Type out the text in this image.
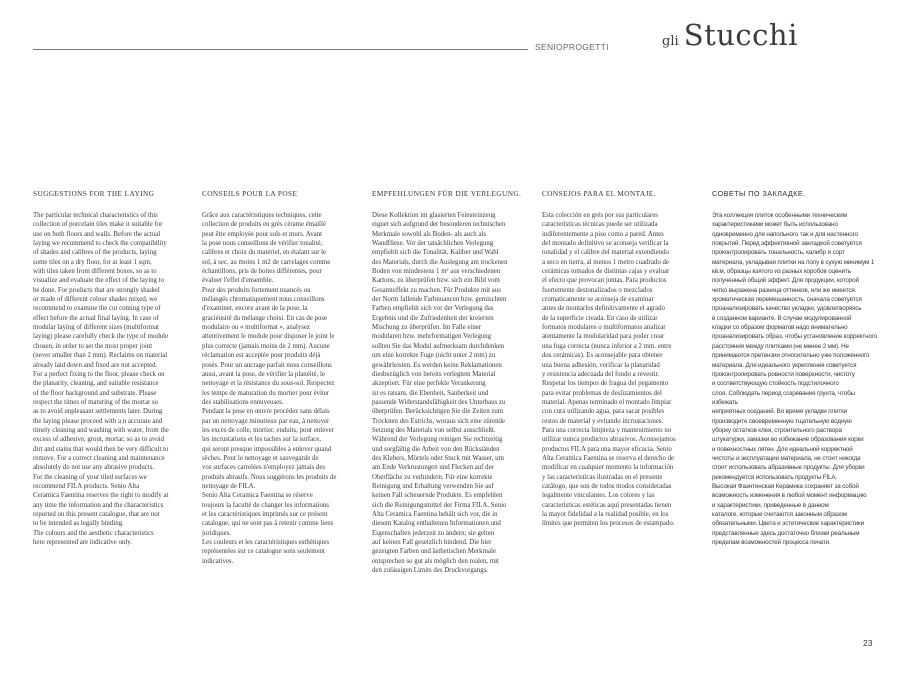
SENIOPROGETTI	gli Stucchi
SUGGESTIONS FOR THE LAYING
The particular technical characteristics of this
collection of porcelain tiles make it suitable for
use on both floors and walls. Before the actual
laying we recommend to check the compatibility
of shades and calibres of the products, laying
some tiles on a dry floor, for at least 1 sqm,
with tiles taken from different boxes, so as to
visualize and evaluate the effect of the laying to
be done. For products that are strongly shaded
or made of different colour shades mixed, we
recommend to examine the cut coming type of
effect before the actual final laying. In case of
modular laying of different sizes (multiformat
laying) please carefully check the type of module
chosen, in order to set the most proper joint
(never smaller than 2 mm). Reclaims on material
already laid down and fixed are not accepted.
For a perfect fixing to the floor, please check on
the planarity, cleaning, and suitable resistance
of the floor background and substrate. Please
respect the times of maturing of the mortar so
as to avoid unpleasant settlements later. During
the laying please proceed with a n accurate and
timely cleaning and washing with water, from the
excess of adhesive, grout, mortar, so as to avoid
dirt and stains that would then be very difficult to
remove. For a correct cleaning and maintenance
absolutely do not use any abrasive products.
For the cleaning of your tiled surfaces we
recommend FILA products. Senio Alta
Ceramica Faentina reserves the right to modify at
any time the information and the characteristics
reported on this present catalogue, that are not
to be intended as legally binding.
The colours and the aesthetic characteristics
here represented are indicative only.
CONSEILS POUR LA POSE
Grâce aux caractéristiques techniques, cette
collection de produits en grès cérame émaillé
peut être employée pour sols et murs. Avant
la pose nous conseillons de vérifier tonalité,
calibres et choix du matériel, en étalant sur le
sol, à sec, au moins 1 m2 de carrelages comme
échantillons, pris de boites différentes, pour
évaluer l'effet d'ensemble.
Pour des produits fortement nuancés ou
mélangés chromatiquement nous conseillons
d'examiner, encore avant de la pose, la
graciéusité du mélange choisi. En cas de pose
modulaire ou « multiformat », analysez
attentivement le module pour disposer le joint le
plus correcte (jamais moins de 2 mm). Aucune
réclamation est acceptée pour produits déjà
posés. Pour un ancrage parfait nous conseillons
aussi, avant la pose, de vérifier la planéité, le
nettoyage et la résistance du sous-sol. Respectez
les temps de maturation du mortier pour éviter
des stabilisations ennuyeuses.
Pendant la pose en œuvre procédez sans délais
par un nettoyage minutieux par eau, à nettoyer
les excès de colle, mortier, enduits, pour enlever
les incrustations et les taches sur la surface,
qui seront presque impossibles à enlever quand
sèches. Pour le nettoyage et sauvegarde de
vos surfaces carrelées n'employez jamais des
produits abrasifs. Nous suggérons les produits de
nettoyage de FILA.
Senio Alta Ceramica Faentina se réserve
toujours la faculté de changer les informations
et les caractéristiques imprimés sur ce présent
catalogue, qui ne sont pas à retenir comme liens
juridiques.
Les couleurs et les caractéristiques esthétiques
représentées sur ce catalogue sons seulement
indicatives.
EMPFEHLUNGEN FÜR DIE VERLEGUNG.
Diese Kollektion im glasierten Feinsteinzeug
eignet sich aufgrund der besonderen technischen
Merkmale sowohl als Boden- als auch als
Wandfliese. Vor der tatsächlichen Verlegung
empfiehlt sich die Tonalität, Kaliber und Wahl
des Materials, durch die Auslegung am trockenen
Boden von mindestens 1 m² aus verschiedenen
Kartons, zu überprüfen bzw. sich ein Bild vom
Gesamteffekt zu machen. Für Produkte mit aus
der Norm fallende Farbnuancen bzw. gemischten
Farben empfiehlt sich vor der Verlegung das
Ergebnis und die Zufriedenheit der kreierten
Mischung zu überprüfen. Im Falle einer
modularen bzw. mehrformatigen Verlegung
sollten Sie das Modul aufmerksam durchdenken
um eine korrekte Fuge (nicht unter 2 mm) zu
gewährleisten. Es werden keine Reklamationen
diesbezüglich von bereits verlegtem Material
akzeptiert. Für eine perfekte Verankerung
ist es ratsam, die Ebenheit, Sauberkeit und
passende Widerstandsfähigkeit des Unterbaus zu
überprüfen. Berücksichtigen Sie die Zeiten zum
Trocknen des Estrichs, woraus sich eine zürende
Setzung des Materials von selbst ausschließt.
Während der Verlegung reinigen Sie rechtzeitig
und sorgfältig die Arbeit von den Rückständen
des Klebers, Mörtels oder Stuck mit Wasser, um
am Ende Verkrustungen und Flecken auf der
Oberfläche zu verhindern. Für eine korrekte
Reinigung und Erhaltung verwenden Sie auf
keinen Fall scheuernde Produkte. Es empfehlen
sich die Reinigungsmittel der Firma FILA. Senio
Alta Ceramica Faentina behält sich vor, die in
diesem Katalog enthaltenen Informationen und
Eigenschaften jederzeit zu ändern; sie gelten
auf keinen Fall gesetzlich bindend. Die hier
gezeigten Farben und ästhetischen Merkmale
entsprechen so gut als möglich den realen, mit
den zulässigen Limits des Druckvorgangs.
CONSEJOS PARA EL MONTAJE.
Esta colección en grés por sus particulares
características técnicas puede ser utilizada
indiferentemente a piso como a pared. Antes
del montado definitivo se aconseja verificar la
tonalidad y el calibre del material extendiendo
a seco en tierra, al menos 1 metro cuadrado de
cerámicas tomados de distintas cajas y evaluar
el efecto que provocan juntas. Para productos
fuertemente destonalizados o mezclados
cromaticamente se aconseja de examinar
antes de montarlos definitivamente el agrado
de la superficie creada. En caso de utilizar
formatos modulares o multiformatos analizar
atentamente la modularidad para poder crear
una fuga correcta (nunca inferior a 2 mm. entre
dos cerámicas). Es aconsejable para obtener
una buena adhesión, verificar la planaridad
y resistencia adecuada del fondo a revestir.
Respetar los tiempos de fragua del pegamento
para evitar problemas de deslizamientos del
material. Apenas terminado el montado limpiar
con cura utilizando agua, para sacar posibles
restos de material y evitando incrustaciones.
Para una correcta limpieza y mantenimiento no
utilizar nunca productos abrasivos. Aconsejamos
productos FILA para una mayor eficacia. Senio
Alta Ceramica Faentina se reserva el derecho de
modificar en cualquier momento la información
y las características ilustradas en el presente
catálogo, que son de todos modos consideradas
legalmente vinculantes. Los colores y las
características estéticas aquí presentadas tienen
la mayor fidelidad a la realidad posible, en los
límites que permiten los procesos de estampado.
СОВЕТЫ ПО ЗАКЛАДКЕ.
Эта коллекция плиток особенными техническим
характеристиками может быть использовано
одновременно для напольного так и для настенного
покрытий. Перед эффективной закладкой советуется
проконтролировать тональность, калибр и сорт
материала, укладывая плитки на полу в сухую минимум 1
кв.м, образцы взятого из разных коробов оценить
полученный общий эффект. Для продукции, которой
четко выражена разница оттенков, или же имеется
хроматическая перемешанность, сначала советуется
проанализировать качество укладки, удовлетворяясь
в созданном варианте. В случае модулированной
кладки со образом форматов надо внимательно
проанализировать образ, чтобы установление корректного
расстояния между плитками (не менее 2 мм). Не
принимаются претензии относительно уже положенного
материала. Для идеального укрепления советуется
проконтролировать ровности поверхности, чистоту
и соответствующую стойкость подстилочного
слоя. Соблюдать период созревания грунта, чтобы избежать
неприятных оседаний. Во время укладки плитки
производите своевременную тщательную водную
уборку остатков клея, строительного раствора
штукатурки, замазки во избежание образования корки
и повехностных пятен. Для идеальной корректной
чистоты и эксплуатации материала, не стоит никогда
стоит использовать абразивные продукты. Для уборки
рекомендуется использовать продукты FILA.
Высокая Фаэнтинская Керамика сохраняет за собой
возможность изменения в любой момент информацию
и характеристики, приведенные в данном
каталоге, которые считаются законным образом
обязательными. Цвета и эстетические характеристики
представленные здесь достаточно близки реальным
пределам возможностей процесса печати.
23
